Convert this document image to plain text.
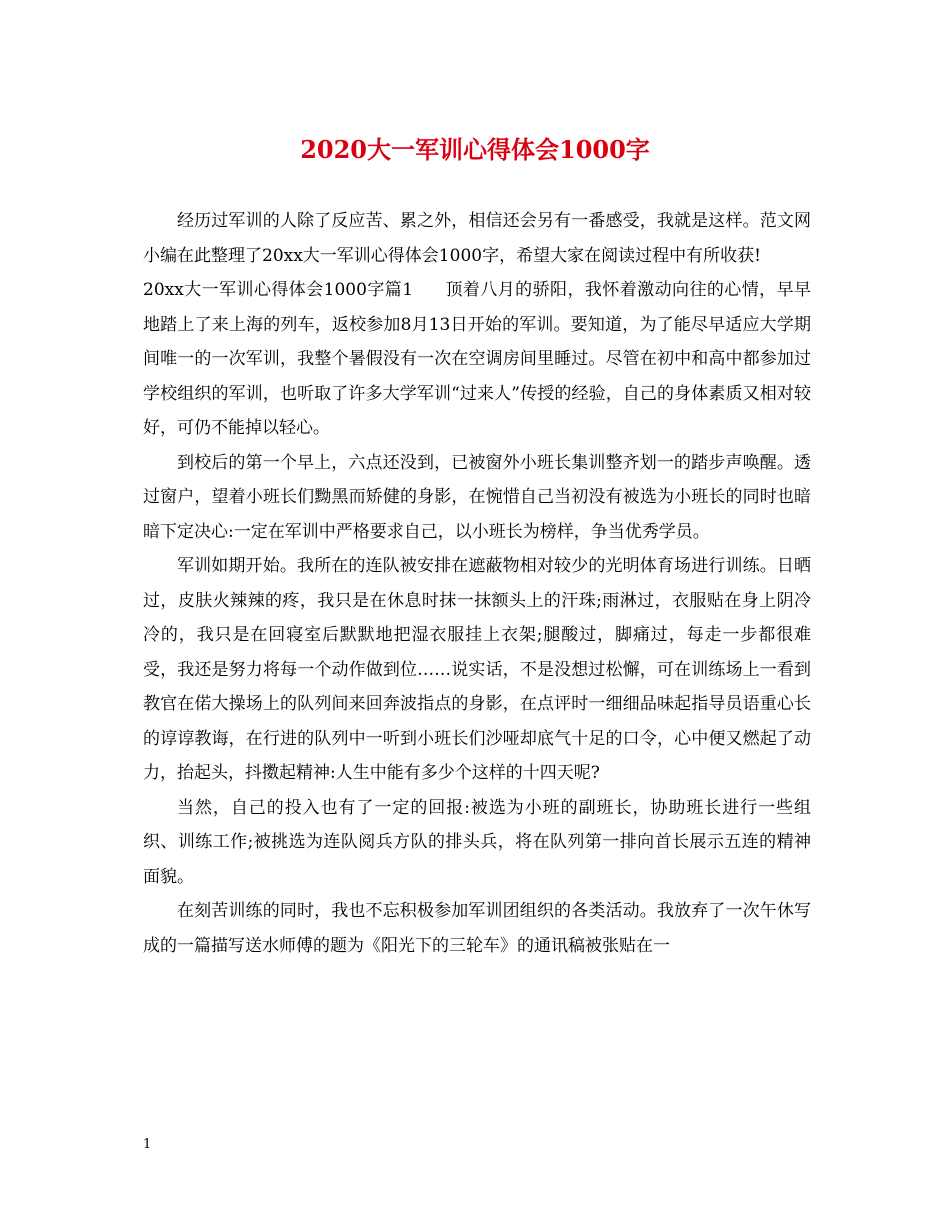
2020大一军训心得体会1000字

经历过军训的人除了反应苦、累之外，相信还会另有一番感受，我就是这样。范文网小编在此整理了20xx大一军训心得体会1000字，希望大家在阅读过程中有所收获!

20xx大一军训心得体会1000字篇1 顶着八月的骄阳，我怀着激动向往的心情，早早地踏上了来上海的列车，返校参加8月13日开始的军训。要知道，为了能尽早适应大学期间唯一的一次军训，我整个暑假没有一次在空调房间里睡过。尽管在初中和高中都参加过学校组织的军训，也听取了许多大学军训“过来人”传授的经验，自己的身体素质又相对较好，可仍不能掉以轻心。

到校后的第一个早上，六点还没到，已被窗外小班长集训整齐划一的踏步声唤醒。透过窗户，望着小班长们黝黑而矫健的身影，在惋惜自己当初没有被选为小班长的同时也暗暗下定决心:一定在军训中严格要求自己，以小班长为榜样，争当优秀学员。

军训如期开始。我所在的连队被安排在遮蔽物相对较少的光明体育场进行训练。日晒过，皮肤火辣辣的疼，我只是在休息时抹一抹额头上的汗珠;雨淋过，衣服贴在身上阴冷冷的，我只是在回寝室后默默地把湿衣服挂上衣架;腿酸过，脚痛过，每走一步都很难受，我还是努力将每一个动作做到位……说实话，不是没想过松懈，可在训练场上一看到教官在偌大操场上的队列间来回奔波指点的身影，在点评时一细细品味起指导员语重心长的谆谆教诲，在行进的队列中一听到小班长们沙哑却底气十足的口令，心中便又燃起了动力，抬起头，抖擞起精神:人生中能有多少个这样的十四天呢?

当然，自己的投入也有了一定的回报:被选为小班的副班长，协助班长进行一些组织、训练工作;被挑选为连队阅兵方队的排头兵，将在队列第一排向首长展示五连的精神面貌。

在刻苦训练的同时，我也不忘积极参加军训团组织的各类活动。我放弃了一次午休写成的一篇描写送水师傅的题为《阳光下的三轮车》的通讯稿被张贴在一

1
